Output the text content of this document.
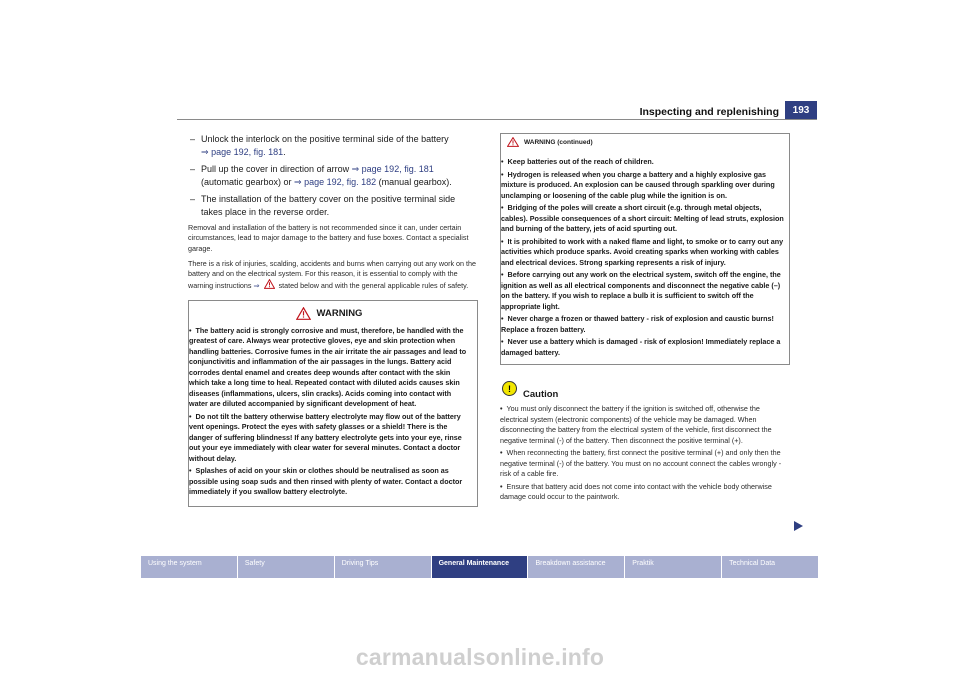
Inspecting and replenishing	193
– Unlock the interlock on the positive terminal side of the battery
⇒ page 192, fig. 181.
– Pull up the cover in direction of arrow ⇒ page 192, fig. 181 (automatic gearbox) or ⇒ page 192, fig. 182 (manual gearbox).
– The installation of the battery cover on the positive terminal side takes place in the reverse order.
Removal and installation of the battery is not recommended since it can, under certain circumstances, lead to major damage to the battery and fuse boxes. Contact a specialist garage.
There is a risk of injuries, scalding, accidents and burns when carrying out any work on the battery and on the electrical system. For this reason, it is essential to comply with the warning instructions ⇒	stated below and with the general applicable rules of safety.
WARNING
• The battery acid is strongly corrosive and must, therefore, be handled with the greatest of care. Always wear protective gloves, eye and skin protection when handling batteries. Corrosive fumes in the air irritate the air passages and lead to conjunctivitis and inflammation of the air passages in the lungs. Battery acid corrodes dental enamel and creates deep wounds after contact with the skin which take a long time to heal. Repeated contact with diluted acids causes skin diseases (inflammations, ulcers, slin cracks). Acids coming into contact with water are diluted accompanied by significant development of heat.
• Do not tilt the battery otherwise battery electrolyte may flow out of the battery vent openings. Protect the eyes with safety glasses or a shield! There is the danger of suffering blindness! If any battery electrolyte gets into your eye, rinse out your eye immediately with clear water for several minutes. Contact a doctor without delay.
• Splashes of acid on your skin or clothes should be neutralised as soon as possible using soap suds and then rinsed with plenty of water. Contact a doctor immediately if you swallow battery electrolyte.
WARNING (continued)
• Keep batteries out of the reach of children.
• Hydrogen is released when you charge a battery and a highly explosive gas mixture is produced. An explosion can be caused through sparkling over during unclamping or loosening of the cable plug while the ignition is on.
• Bridging of the poles will create a short circuit (e.g. through metal objects, cables). Possible consequences of a short circuit: Melting of lead struts, explosion and burning of the battery, jets of acid spurting out.
• It is prohibited to work with a naked flame and light, to smoke or to carry out any activities which produce sparks. Avoid creating sparks when working with cables and electrical devices. Strong sparking represents a risk of injury.
• Before carrying out any work on the electrical system, switch off the engine, the ignition as well as all electrical components and disconnect the negative cable (–) on the battery. If you wish to replace a bulb it is sufficient to switch off the appropriate light.
• Never charge a frozen or thawed battery - risk of explosion and caustic burns! Replace a frozen battery.
• Never use a battery which is damaged - risk of explosion! Immediately replace a damaged battery.
!
Caution
• You must only disconnect the battery if the ignition is switched off, otherwise the electrical system (electronic components) of the vehicle may be damaged. When disconnecting the battery from the electrical system of the vehicle, first disconnect the negative terminal (-) of the battery. Then disconnect the positive terminal (+).
• When reconnecting the battery, first connect the positive terminal (+) and only then the negative terminal (-) of the battery. You must on no account connect the cables wrongly - risk of a cable fire.
• Ensure that battery acid does not come into contact with the vehicle body otherwise damage could occur to the paintwork.
Using the system	Safety	Driving Tips	General Maintenance	Breakdown assistance	Praktik	Technical Data
carmanualsonline.info
